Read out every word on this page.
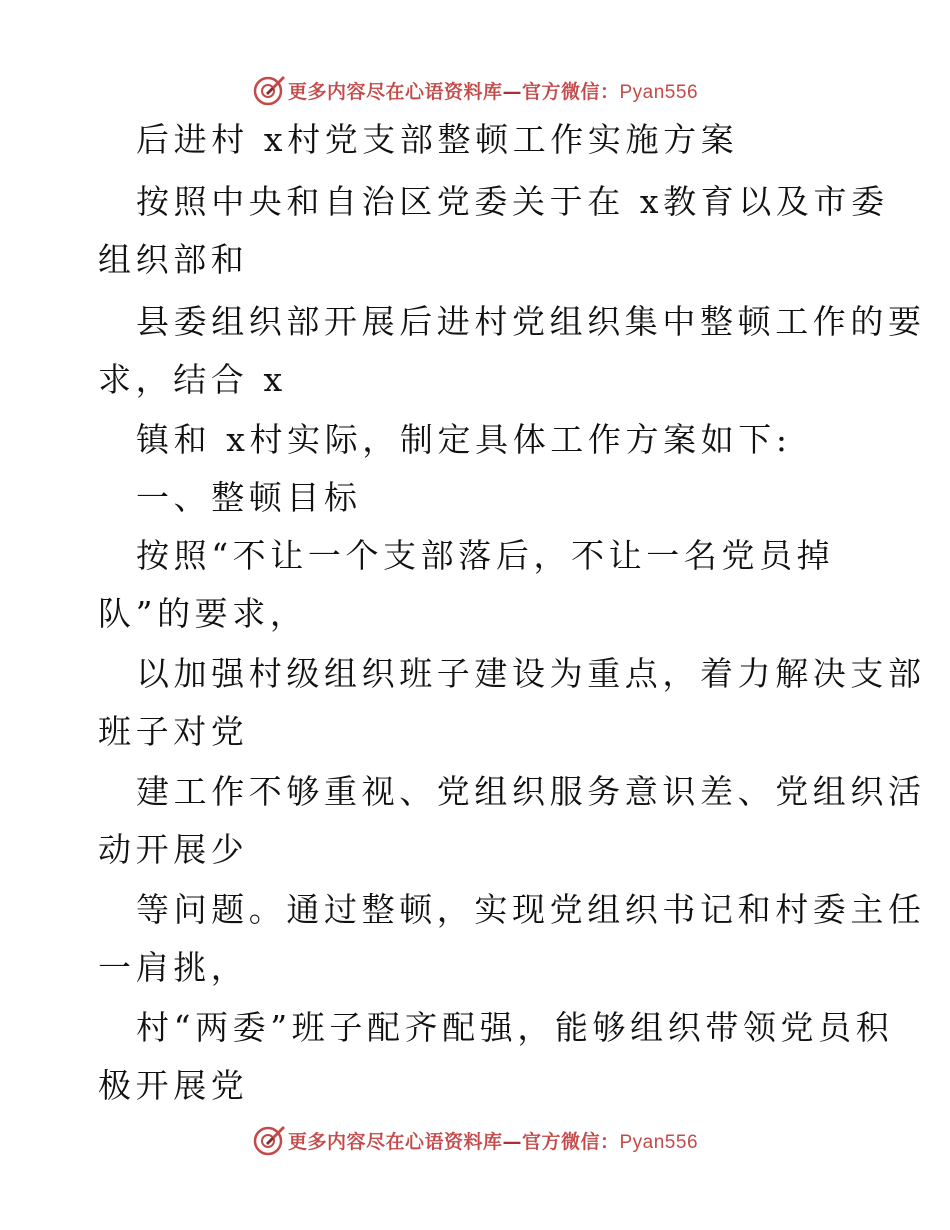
更多内容尽在心语资料库—官方微信：Pyan556
后进村 x村党支部整顿工作实施方案
按照中央和自治区党委关于在 x教育以及市委
组织部和
县委组织部开展后进村党组织集中整顿工作的要
求，结合 x
镇和 x村实际，制定具体工作方案如下:
一、整顿目标
按照“不让一个支部落后，不让一名党员掉
队”的要求，
以加强村级组织班子建设为重点，着力解决支部
班子对党
建工作不够重视、党组织服务意识差、党组织活
动开展少
等问题。通过整顿，实现党组织书记和村委主任
一肩挑，
村“两委”班子配齐配强，能够组织带领党员积
极开展党
更多内容尽在心语资料库—官方微信：Pyan556
